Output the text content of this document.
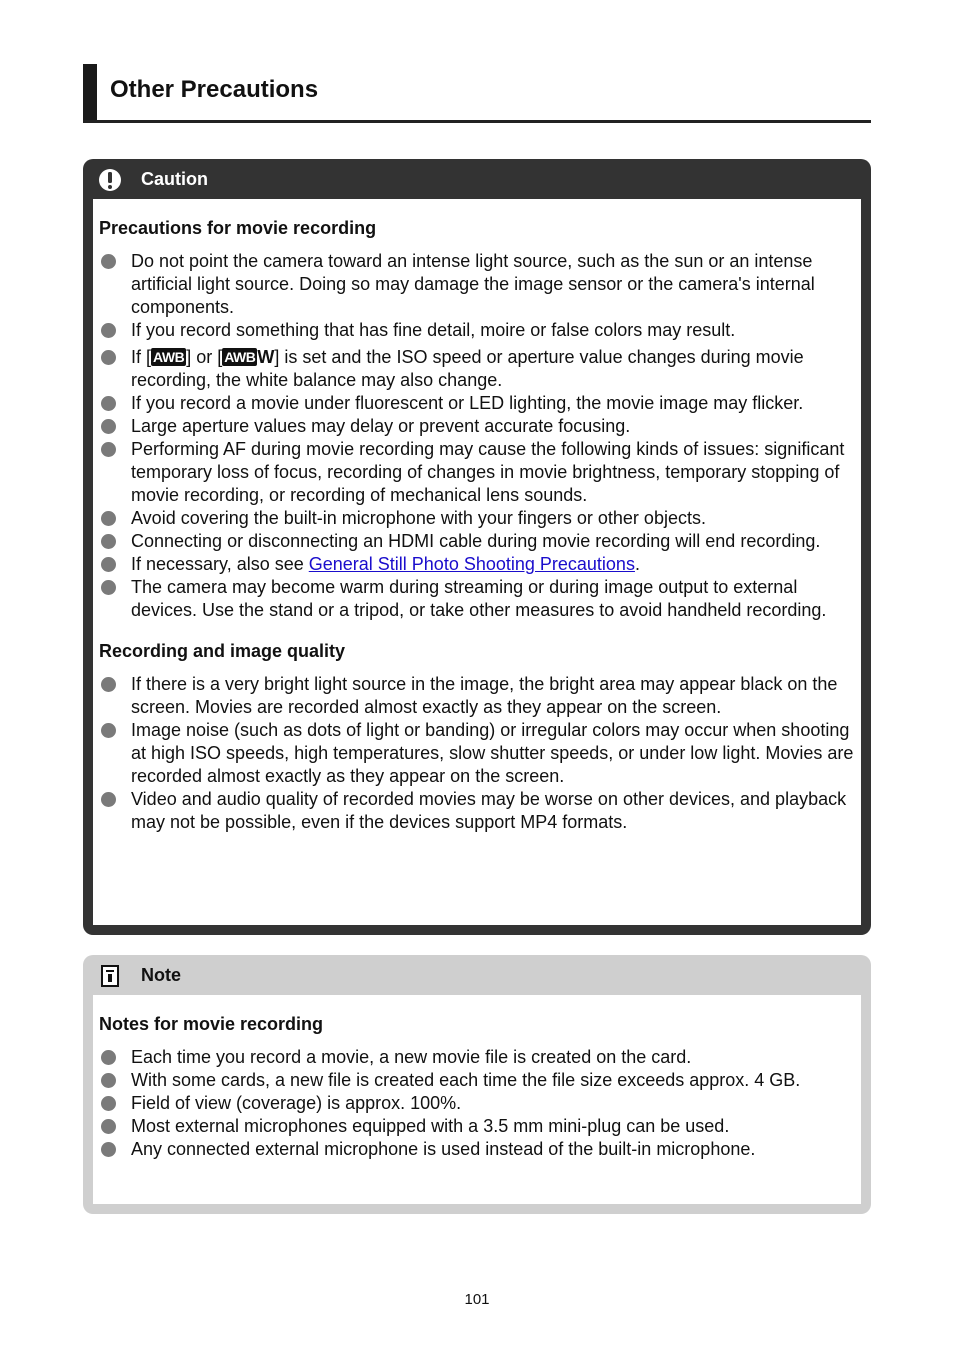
Other Precautions
Caution
Precautions for movie recording
Do not point the camera toward an intense light source, such as the sun or an intense artificial light source. Doing so may damage the image sensor or the camera's internal components.
If you record something that has fine detail, moire or false colors may result.
If [ AWB ] or [ AWB W] is set and the ISO speed or aperture value changes during movie recording, the white balance may also change.
If you record a movie under fluorescent or LED lighting, the movie image may flicker.
Large aperture values may delay or prevent accurate focusing.
Performing AF during movie recording may cause the following kinds of issues: significant temporary loss of focus, recording of changes in movie brightness, temporary stopping of movie recording, or recording of mechanical lens sounds.
Avoid covering the built-in microphone with your fingers or other objects.
Connecting or disconnecting an HDMI cable during movie recording will end recording.
If necessary, also see General Still Photo Shooting Precautions.
The camera may become warm during streaming or during image output to external devices. Use the stand or a tripod, or take other measures to avoid handheld recording.
Recording and image quality
If there is a very bright light source in the image, the bright area may appear black on the screen. Movies are recorded almost exactly as they appear on the screen.
Image noise (such as dots of light or banding) or irregular colors may occur when shooting at high ISO speeds, high temperatures, slow shutter speeds, or under low light. Movies are recorded almost exactly as they appear on the screen.
Video and audio quality of recorded movies may be worse on other devices, and playback may not be possible, even if the devices support MP4 formats.
Note
Notes for movie recording
Each time you record a movie, a new movie file is created on the card.
With some cards, a new file is created each time the file size exceeds approx. 4 GB.
Field of view (coverage) is approx. 100%.
Most external microphones equipped with a 3.5 mm mini-plug can be used.
Any connected external microphone is used instead of the built-in microphone.
101
